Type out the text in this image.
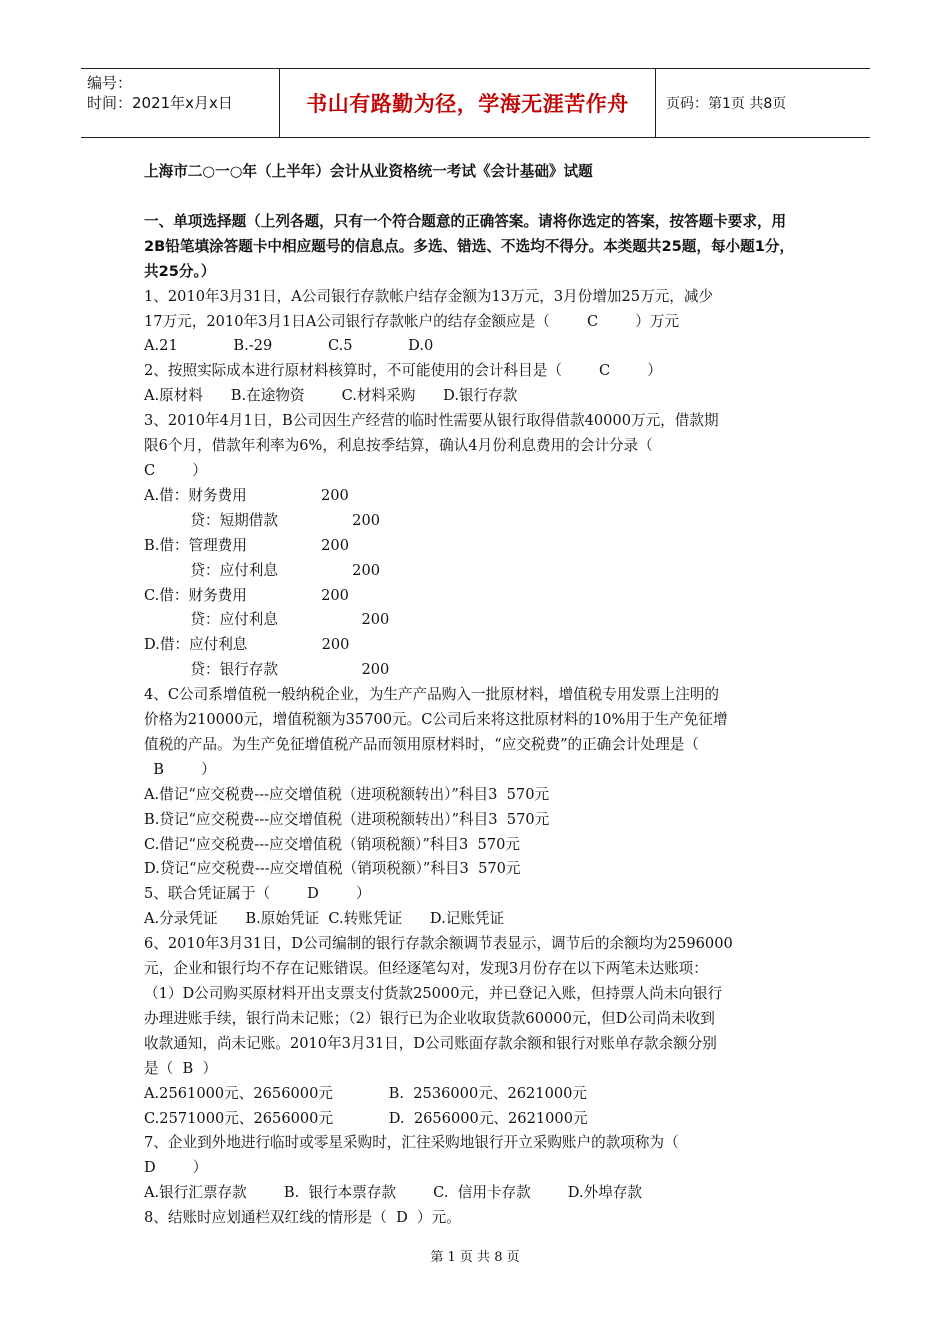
编号：
时间：2021年x月x日	书山有路勤为径，学海无涯苦作舟	页码：第1页 共8页
上海市二○一○年（上半年）会计从业资格统一考试《会计基础》试题
一、单项选择题（上列各题，只有一个符合题意的正确答案。请将你选定的答案，按答题卡要求，用2B铅笔填涂答题卡中相应题号的信息点。多选、错选、不选均不得分。本类题共25题，每小题1分，共25分。）
1、2010年3月31日，A公司银行存款帐户结存金额为13万元，3月份增加25万元，减少
17万元，2010年3月1日A公司银行存款帐户的结存金额应是（        C        ）万元
A.21            B.-29            C.5            D.0
2、按照实际成本进行原材料核算时，不可能使用的会计科目是（        C        ）
A.原材料      B.在途物资        C.材料采购      D.银行存款
3、2010年4月1日，B公司因生产经营的临时性需要从银行取得借款40000万元，借款期
限6个月，借款年利率为6%，利息按季结算，确认4月份利息费用的会计分录（
C        ）
A.借：财务费用                200
贷：短期借款                200
B.借：管理费用                200
贷：应付利息                200
C.借：财务费用                200
贷：应付利息                  200
D.借：应付利息                200
贷：银行存款                  200
4、C公司系增值税一般纳税企业，为生产产品购入一批原材料，增值税专用发票上注明的
价格为210000元，增值税额为35700元。C公司后来将这批原材料的10%用于生产免征增
值税的产品。为生产免征增值税产品而领用原材料时，“应交税费”的正确会计处理是（
B        ）
A.借记“应交税费---应交增值税（进项税额转出）”科目3  570元
B.贷记“应交税费---应交增值税（进项税额转出）”科目3  570元
C.借记“应交税费---应交增值税（销项税额）”科目3  570元
D.贷记“应交税费---应交增值税（销项税额）”科目3  570元
5、联合凭证属于（        D        ）
A.分录凭证      B.原始凭证  C.转账凭证      D.记账凭证
6、2010年3月31日，D公司编制的银行存款余额调节表显示，调节后的余额均为2596000
元，企业和银行均不存在记账错误。但经逐笔勾对，发现3月份存在以下两笔未达账项：
（1）D公司购买原材料开出支票支付货款25000元，并已登记入账，但持票人尚未向银行
办理进账手续，银行尚未记账；（2）银行已为企业收取货款60000元，但D公司尚未收到
收款通知，尚未记账。2010年3月31日，D公司账面存款余额和银行对账单存款余额分别
是（  B  ）
A.2561000元、2656000元            B.  2536000元、2621000元
C.2571000元、2656000元            D.  2656000元、2621000元
7、企业到外地进行临时或零星采购时，汇往采购地银行开立采购账户的款项称为（
D        ）
A.银行汇票存款        B.  银行本票存款        C.  信用卡存款        D.外埠存款
8、结账时应划通栏双红线的情形是（  D  ）元。
第 1 页 共 8 页
